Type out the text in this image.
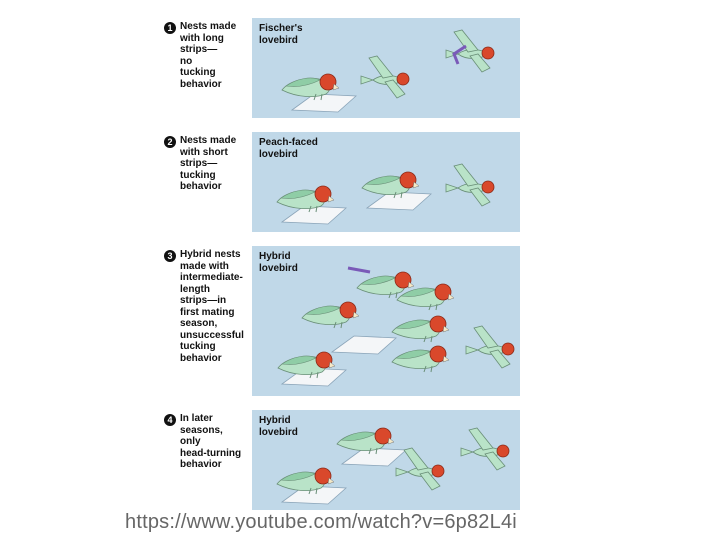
1 Nests made
with long
strips—
no
tucking
behavior
Fischer's
lovebird
2 Nests made
with short
strips—
tucking
behavior
Peach-faced
lovebird
3 Hybrid nests
made with
intermediate-
length
strips—in
first mating
season,
unsuccessful
tucking
behavior
Hybrid
lovebird
4 In later
seasons,
only
head-turning
behavior
Hybrid
lovebird
https://www.youtube.com/watch?v=6p82L4i
